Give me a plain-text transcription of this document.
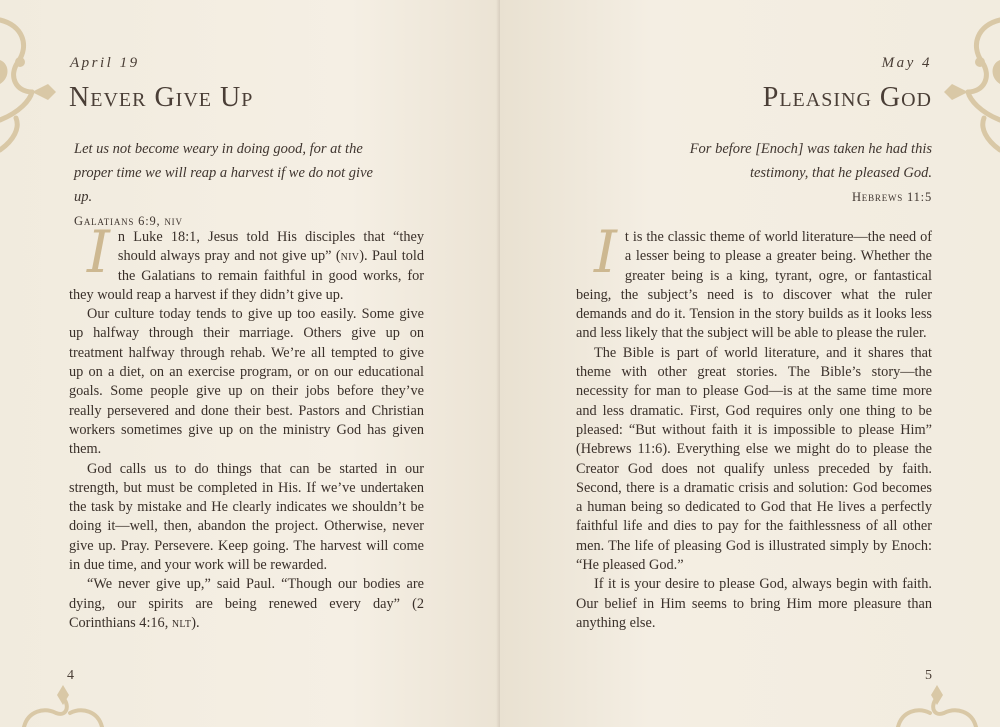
April 19
Never Give Up
Let us not become weary in doing good, for at the proper time we will reap a harvest if we do not give up.
Galatians 6:9, niv

In Luke 18:1, Jesus told His disciples that “they should always pray and not give up” (niv). Paul told the Galatians to remain faithful in good works, for they would reap a harvest if they didn’t give up.

Our culture today tends to give up too easily. Some give up halfway through their marriage. Others give up on treatment halfway through rehab. We’re all tempted to give up on a diet, on an exercise program, or on our educational goals. Some people give up on their jobs before they’ve really persevered and done their best. Pastors and Christian workers sometimes give up on the ministry God has given them.

God calls us to do things that can be started in our strength, but must be completed in His. If we’ve undertaken the task by mistake and He clearly indicates we shouldn’t be doing it—well, then, abandon the project. Otherwise, never give up. Pray. Persevere. Keep going. The harvest will come in due time, and your work will be rewarded.

“We never give up,” said Paul. “Though our bodies are dying, our spirits are being renewed every day” (2 Corinthians 4:16, nlt).

4
May 4
Pleasing God
For before [Enoch] was taken he had this
testimony, that he pleased God.
Hebrews 11:5

It is the classic theme of world literature—the need of a lesser being to please a greater being. Whether the greater being is a king, tyrant, ogre, or fantastical being, the subject’s need is to discover what the ruler demands and do it. Tension in the story builds as it looks less and less likely that the subject will be able to please the ruler.

The Bible is part of world literature, and it shares that theme with other great stories. The Bible’s story—the necessity for man to please God—is at the same time more and less dramatic. First, God requires only one thing to be pleased: “But without faith it is impossible to please Him” (Hebrews 11:6). Everything else we might do to please the Creator God does not qualify unless preceded by faith. Second, there is a dramatic crisis and solution: God becomes a human being so dedicated to God that He lives a perfectly faithful life and dies to pay for the faithlessness of all other men. The life of pleasing God is illustrated simply by Enoch: “He pleased God.”

If it is your desire to please God, always begin with faith. Our belief in Him seems to bring Him more pleasure than anything else.

5
